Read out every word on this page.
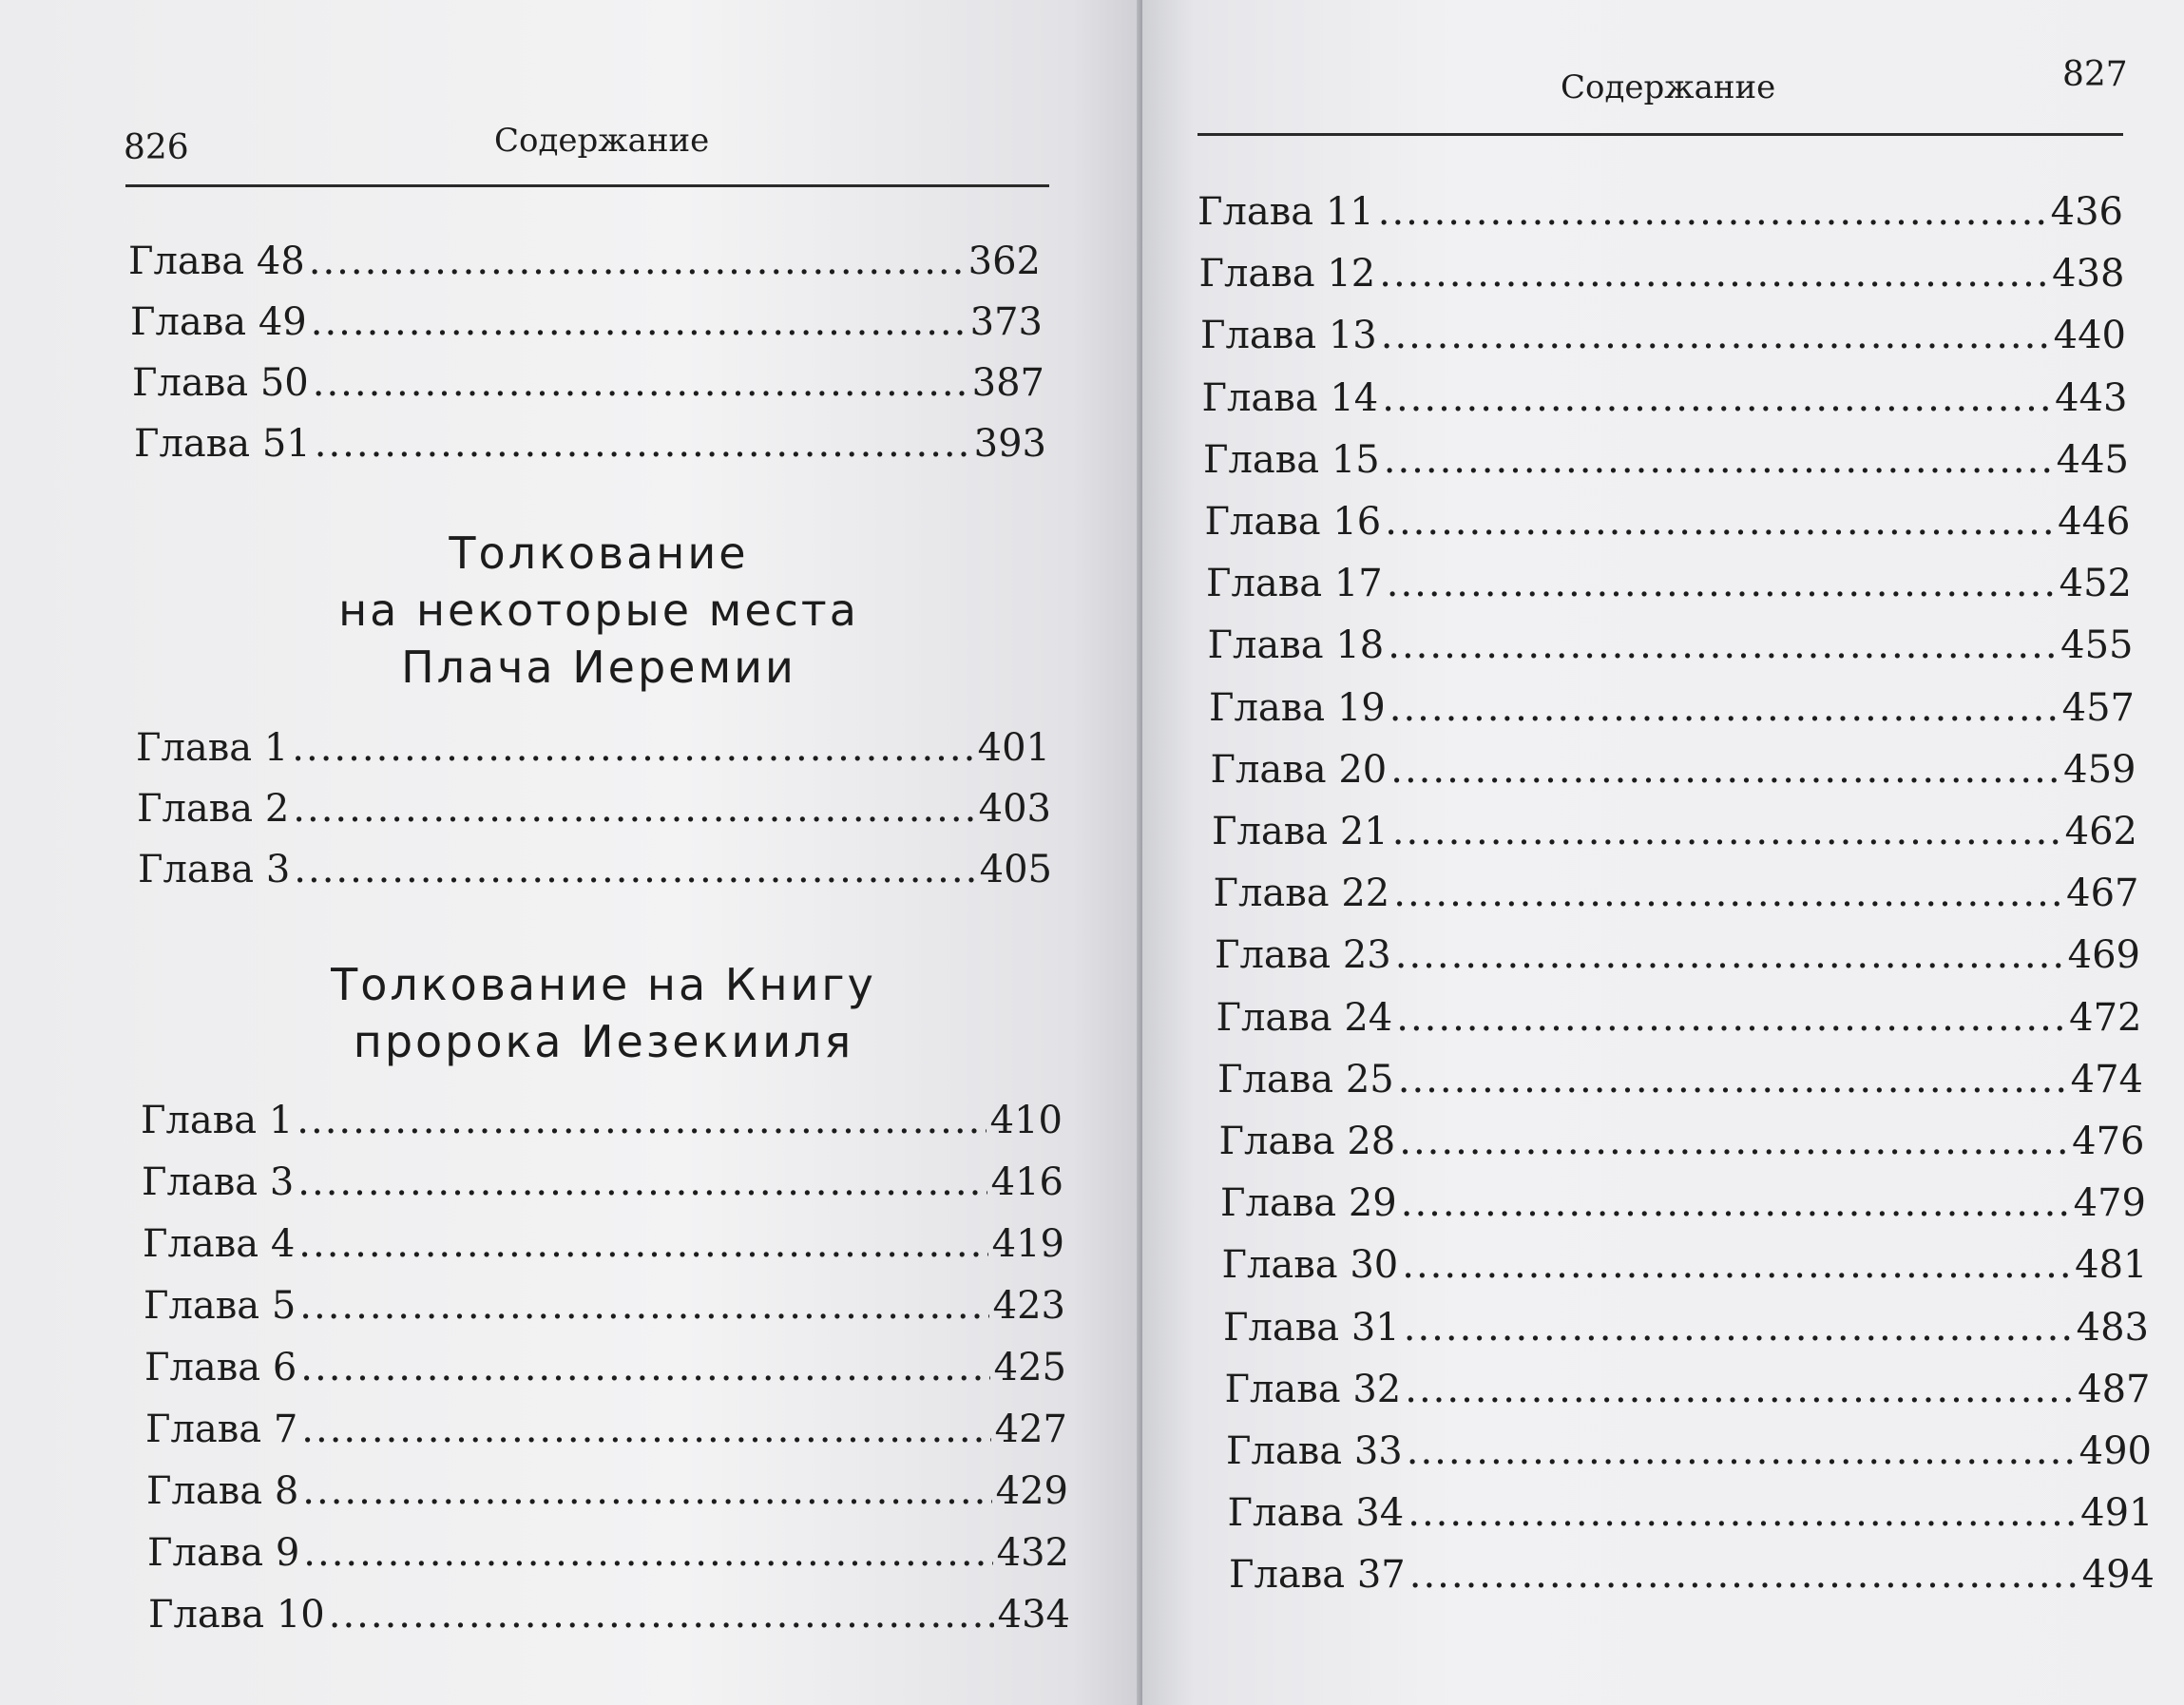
826	Содержание
Глава 48 .....	362
Глава 49 .....	373
Глава 50 .....	387
Глава 51 .....	393
Толкование
на некоторые места
Плача Иеремии
Глава 1 .....	401
Глава 2 .....	403
Глава 3 .....	405
Толкование на Книгу
пророка Иезекииля
Глава 1 .....	410
Глава 3 .....	416
Глава 4 .....	419
Глава 5 .....	423
Глава 6 .....	425
Глава 7 .....	427
Глава 8 .....	429
Глава 9 .....	432
Глава 10 .....	434
Содержание	827
Глава 11 .....	436
Глава 12 .....	438
Глава 13 .....	440
Глава 14 .....	443
Глава 15 .....	445
Глава 16 .....	446
Глава 17 .....	452
Глава 18 .....	455
Глава 19 .....	457
Глава 20 .....	459
Глава 21 .....	462
Глава 22 .....	467
Глава 23 .....	469
Глава 24 .....	472
Глава 25 .....	474
Глава 28 .....	476
Глава 29 .....	479
Глава 30 .....	481
Глава 31 .....	483
Глава 32 .....	487
Глава 33 .....	490
Глава 34 .....	491
Глава 37 .....	494
